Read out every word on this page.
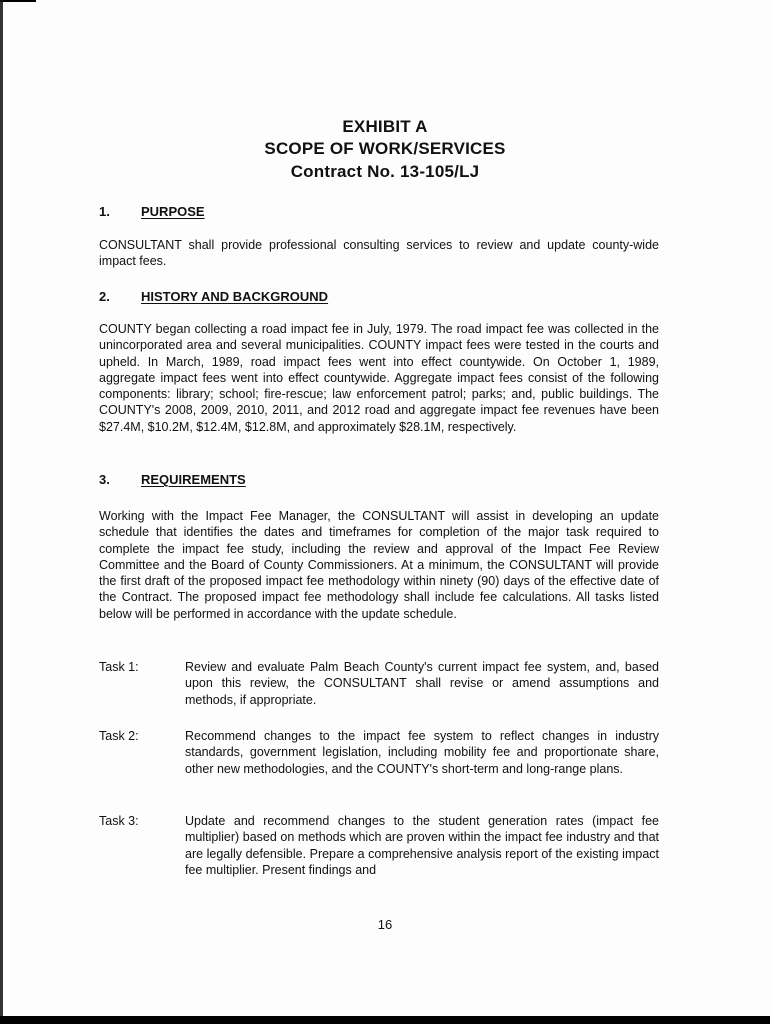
EXHIBIT A
SCOPE OF WORK/SERVICES
Contract No. 13-105/LJ
1. PURPOSE
CONSULTANT shall provide professional consulting services to review and update county-wide impact fees.
2. HISTORY AND BACKGROUND
COUNTY began collecting a road impact fee in July, 1979. The road impact fee was collected in the unincorporated area and several municipalities. COUNTY impact fees were tested in the courts and upheld. In March, 1989, road impact fees went into effect countywide. On October 1, 1989, aggregate impact fees went into effect countywide. Aggregate impact fees consist of the following components: library; school; fire-rescue; law enforcement patrol; parks; and, public buildings. The COUNTY's 2008, 2009, 2010, 2011, and 2012 road and aggregate impact fee revenues have been $27.4M, $10.2M, $12.4M, $12.8M, and approximately $28.1M, respectively.
3. REQUIREMENTS
Working with the Impact Fee Manager, the CONSULTANT will assist in developing an update schedule that identifies the dates and timeframes for completion of the major task required to complete the impact fee study, including the review and approval of the Impact Fee Review Committee and the Board of County Commissioners. At a minimum, the CONSULTANT will provide the first draft of the proposed impact fee methodology within ninety (90) days of the effective date of the Contract. The proposed impact fee methodology shall include fee calculations. All tasks listed below will be performed in accordance with the update schedule.
Task 1:	Review and evaluate Palm Beach County's current impact fee system, and, based upon this review, the CONSULTANT shall revise or amend assumptions and methods, if appropriate.
Task 2:	Recommend changes to the impact fee system to reflect changes in industry standards, government legislation, including mobility fee and proportionate share, other new methodologies, and the COUNTY's short-term and long-range plans.
Task 3:	Update and recommend changes to the student generation rates (impact fee multiplier) based on methods which are proven within the impact fee industry and that are legally defensible. Prepare a comprehensive analysis report of the existing impact fee multiplier. Present findings and
16
